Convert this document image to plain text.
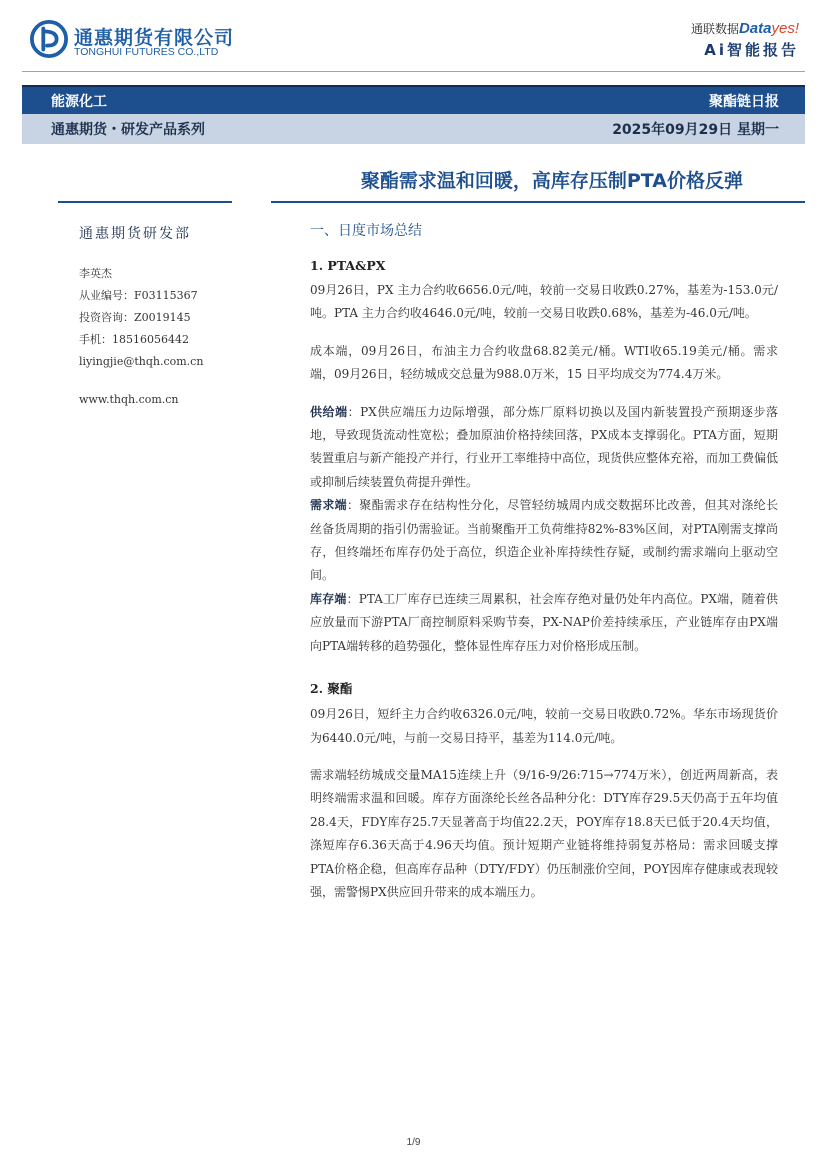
通惠期货有限公司
TONGHUI FUTURES CO.,LTD
通联数据Datayes!
Ai智能报告
能源化工	聚酯链日报
通惠期货・研发产品系列	2025年09月29日 星期一
聚酯需求温和回暖，高库存压制PTA价格反弹
通惠期货研发部
李英杰
从业编号：F03115367
投资咨询：Z0019145
手机：18516056442
liyingjie@thqh.com.cn
www.thqh.com.cn
一、日度市场总结
1. PTA&PX
09月26日，PX 主力合约收6656.0元/吨，较前一交易日收跌0.27%，基差为-153.0元/吨。PTA 主力合约收4646.0元/吨，较前一交易日收跌0.68%，基差为-46.0元/吨。
成本端，09月26日，布油主力合约收盘68.82美元/桶。WTI收65.19美元/桶。需求端，09月26日，轻纺城成交总量为988.0万米，15 日平均成交为774.4万米。
供给端：PX供应端压力边际增强，部分炼厂原料切换以及国内新装置投产预期逐步落地，导致现货流动性宽松；叠加原油价格持续回落，PX成本支撑弱化。PTA方面，短期装置重启与新产能投产并行，行业开工率维持中高位，现货供应整体充裕，而加工费偏低或抑制后续装置负荷提升弹性。
需求端：聚酯需求存在结构性分化，尽管轻纺城周内成交数据环比改善，但其对涤纶长丝备货周期的指引仍需验证。当前聚酯开工负荷维持82%-83%区间，对PTA刚需支撑尚存，但终端坯布库存仍处于高位，织造企业补库持续性存疑，或制约需求端向上驱动空间。
库存端：PTA工厂库存已连续三周累积，社会库存绝对量仍处年内高位。PX端，随着供应放量而下游PTA厂商控制原料采购节奏，PX-NAP价差持续承压，产业链库存由PX端向PTA端转移的趋势强化，整体显性库存压力对价格形成压制。
2. 聚酯
09月26日，短纤主力合约收6326.0元/吨，较前一交易日收跌0.72%。华东市场现货价为6440.0元/吨，与前一交易日持平，基差为114.0元/吨。
需求端轻纺城成交量MA15连续上升（9/16-9/26:715→774万米），创近两周新高，表明终端需求温和回暖。库存方面涤纶长丝各品种分化：DTY库存29.5天仍高于五年均值28.4天，FDY库存25.7天显著高于均值22.2天，POY库存18.8天已低于20.4天均值，涤短库存6.36天高于4.96天均值。预计短期产业链将维持弱复苏格局：需求回暖支撑PTA价格企稳，但高库存品种（DTY/FDY）仍压制涨价空间，POY因库存健康或表现较强，需警惕PX供应回升带来的成本端压力。
1/9
